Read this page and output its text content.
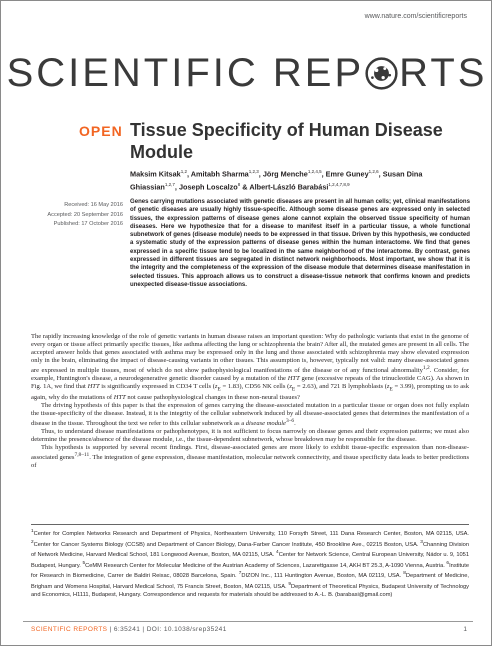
www.nature.com/scientificreports
SCIENTIFIC REP RTS
OPEN Tissue Specificity of Human Disease Module
Maksim Kitsak$^{1,2}$, Amitabh Sharma$^{1,2,3}$, Jörg Menche$^{1,2,4,5}$, Emre Guney$^{1,2,6}$, Susan Dina Ghiassian$^{1,2,7}$, Joseph Loscalzo$^8$ & Albert-László Barabási$^{1,2,4,7,8,9}$
Received: 16 May 2016
Accepted: 20 September 2016
Published: 17 October 2016
Genes carrying mutations associated with genetic diseases are present in all human cells; yet, clinical manifestations of genetic diseases are usually highly tissue-specific. Although some disease genes are expressed only in selected tissues, the expression patterns of disease genes alone cannot explain the observed tissue specificity of human diseases. Here we hypothesize that for a disease to manifest itself in a particular tissue, a whole functional subnetwork of genes (disease module) needs to be expressed in that tissue. Driven by this hypothesis, we conducted a systematic study of the expression patterns of disease genes within the human interactome. We find that genes expressed in a specific tissue tend to be localized in the same neighborhood of the interactome. By contrast, genes expressed in different tissues are segregated in distinct network neighborhoods. Most important, we show that it is the integrity and the completeness of the expression of the disease module that determines disease manifestation in selected tissues. This approach allows us to construct a disease-tissue network that confirms known and predicts unexpected disease-tissue associations.

The rapidly increasing knowledge of the role of genetic variants in human disease raises an important question: Why do pathologic variants that exist in the genome of every organ or tissue affect primarily specific tissues, like asthma affecting the lung or schizophrenia the brain? After all, the mutated genes are present in all cells. The accepted answer holds that genes associated with asthma may be expressed only in the lung and those associated with schizophrenia may show elevated expression only in the brain, eliminating the impact of disease-causing variants in other tissues. This assumption is, however, typically not valid: many disease-associated genes are expressed in multiple tissues, most of which do not show pathophysiological manifestations of the disease or of any functional abnormality$^{1,2}$. Consider, for example, Huntington's disease, a neurodegenerative genetic disorder caused by a mutation of the HTT gene (excessive repeats of the trinucleotide CAG). As shown in Fig. 1A, we find that HTT is significantly expressed in CD34 T cells $(z_E = 1.83)$, CD56 NK cells $(z_E = 2.63)$, and 721 B lymphoblasts $(z_E = 3.99)$, prompting us to ask again, why do the mutations of HTT not cause pathophysiological changes in these non-neural tissues?

The driving hypothesis of this paper is that the expression of genes carrying the disease-associated mutation in a particular tissue or organ does not fully explain the tissue-specificity of the disease. Instead, it is the integrity of the cellular subnetwork induced by all disease-associated genes that determines the manifestation of a disease in the tissue. Throughout the text we refer to this cellular subnetwork as a disease module$^{3-6}$.

Thus, to understand disease manifestations or pathophenotypes, it is not sufficient to focus narrowly on disease genes and their expression patterns; we must also determine the presence/absence of the disease module, i.e., the tissue-dependent subnetwork, whose breakdown may be responsible for the disease.

This hypothesis is supported by several recent findings. First, disease-associated genes are more likely to exhibit tissue-specific expression than non-disease-associated genes$^{7,8-11}$. The integration of gene expression, disease manifestation, molecular network connectivity, and tissue specificity data leads to better predictions of

$^1$Center for Complex Networks Research and Department of Physics, Northeastern University, 110 Forsyth Street, 111 Dana Research Center, Boston, MA 02115, USA. $^2$Center for Cancer Systems Biology (CCSB) and Department of Cancer Biology, Dana-Farber Cancer Institute, 450 Brookline Ave., 02215 Boston, USA. $^3$Channing Division of Network Medicine, Harvard Medical School, 181 Longwood Avenue, Boston, MA 02115, USA. $^4$Center for Network Science, Central European University, Nádor u. 9, 1051 Budapest, Hungary. $^5$CeMM Research Center for Molecular Medicine of the Austrian Academy of Sciences, Lazarettgasse 14, AKH BT 25.3, A-1090 Vienna, Austria. $^6$Institute for Research in Biomedicine, Carrer de Baldiri Reixac, 08028 Barcelona, Spain. $^7$DIZON Inc., 111 Huntington Avenue, Boston, MA 02119, USA. $^8$Department of Medicine, Brigham and Womens Hospital, Harvard Medical School, 75 Francis Street, Boston, MA 02115, USA. $^9$Department of Theoretical Physics, Budapest University of Technology and Economics, H1111, Budapest, Hungary. Correspondence and requests for materials should be addressed to A.-L. B. (barabasi@gmail.com)
SCIENTIFIC REPORTS | 6:35241 | DOI: 10.1038/srep35241	1
